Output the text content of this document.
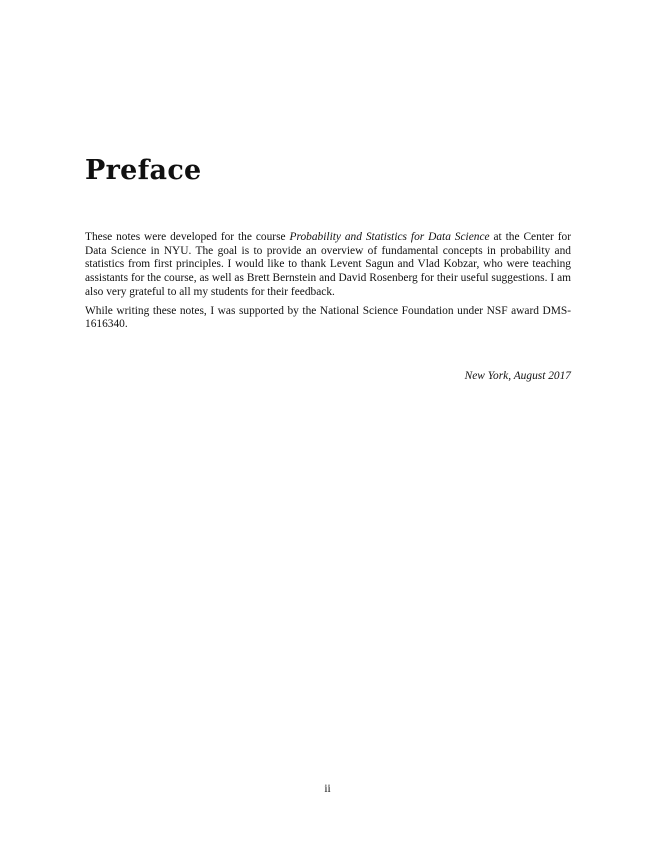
Preface

These notes were developed for the course Probability and Statistics for Data Science at the Center for Data Science in NYU. The goal is to provide an overview of fundamental concepts in probability and statistics from first principles. I would like to thank Levent Sagun and Vlad Kobzar, who were teaching assistants for the course, as well as Brett Bernstein and David Rosenberg for their useful suggestions. I am also very grateful to all my students for their feedback.

While writing these notes, I was supported by the National Science Foundation under NSF award DMS-1616340.

New York, August 2017
ii
